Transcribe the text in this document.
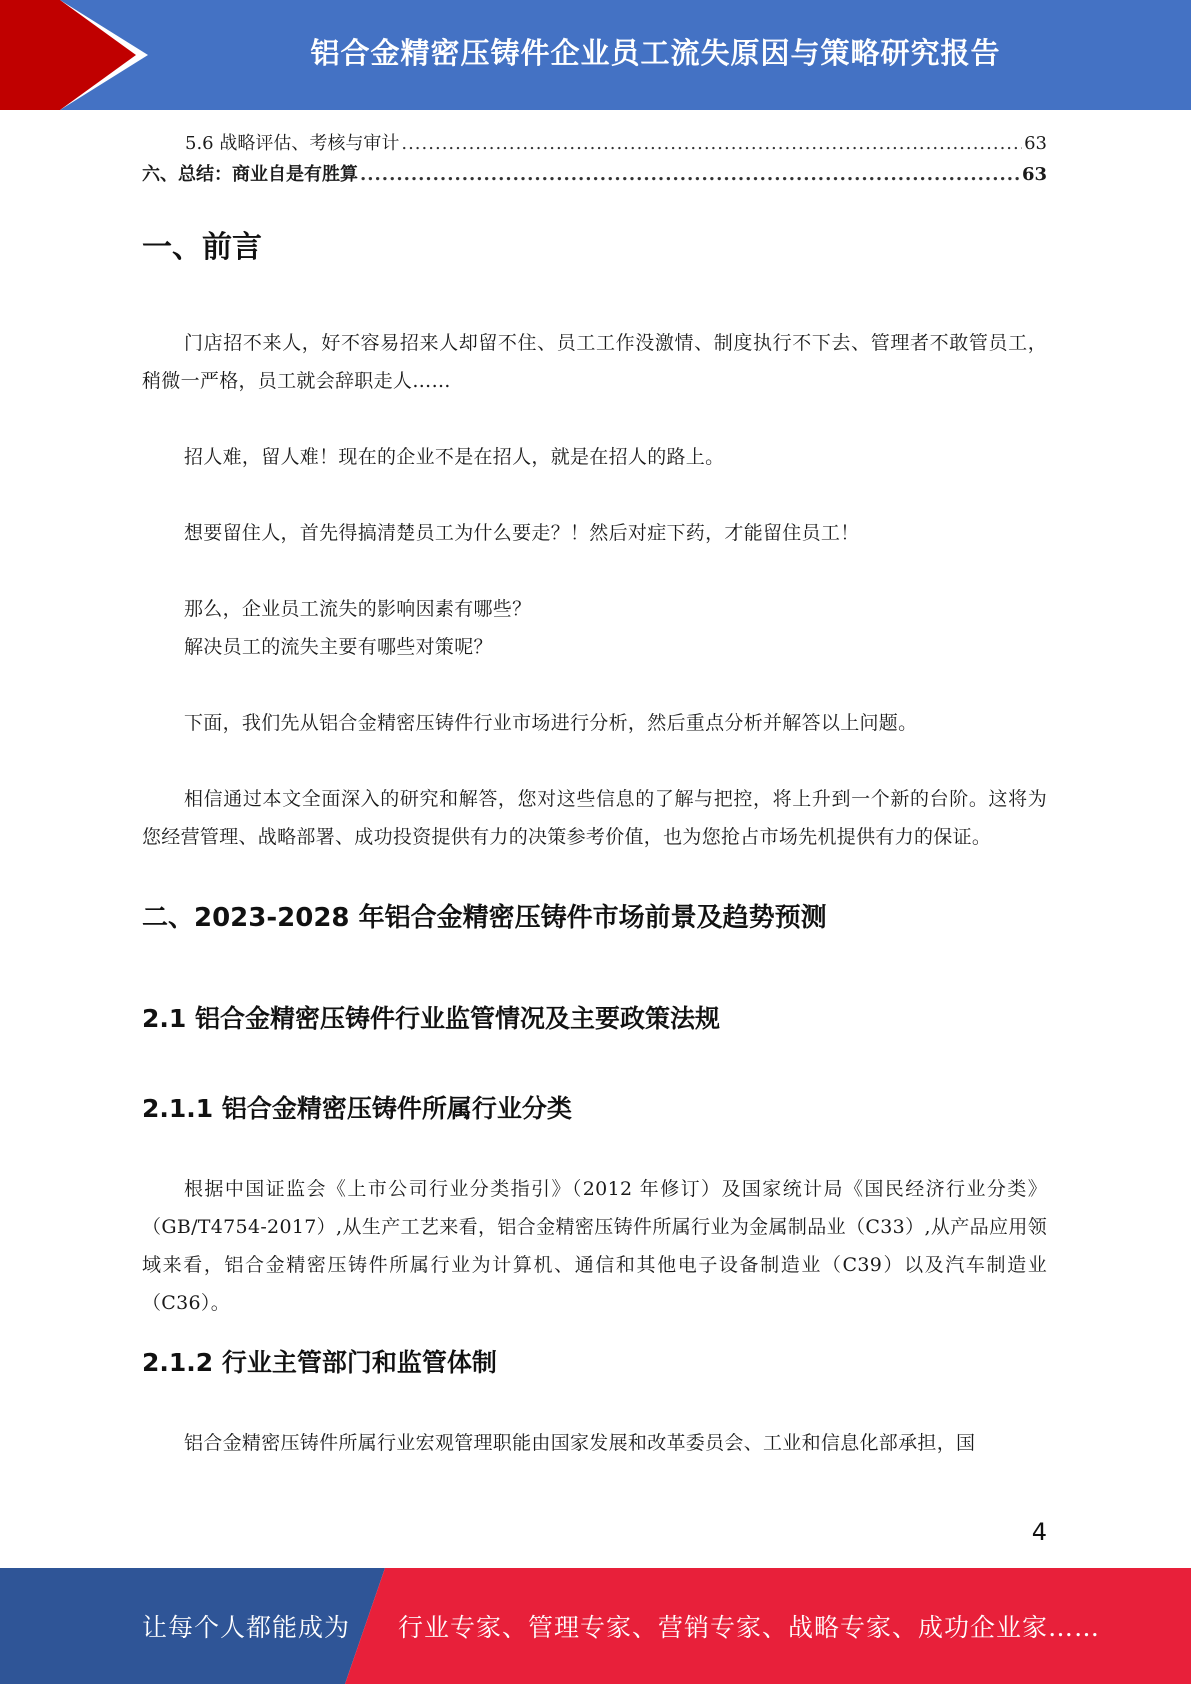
铝合金精密压铸件企业员工流失原因与策略研究报告
5.6 战略评估、考核与审计 .....	63
六、总结：商业自是有胜算 .....	63
一、前言

门店招不来人，好不容易招来人却留不住、员工工作没激情、制度执行不下去、管理者不敢管员工，稍微一严格，员工就会辞职走人……

招人难，留人难！现在的企业不是在招人，就是在招人的路上。

想要留住人，首先得搞清楚员工为什么要走？！然后对症下药，才能留住员工！

那么，企业员工流失的影响因素有哪些？

解决员工的流失主要有哪些对策呢？

下面，我们先从铝合金精密压铸件行业市场进行分析，然后重点分析并解答以上问题。

相信通过本文全面深入的研究和解答，您对这些信息的了解与把控，将上升到一个新的台阶。这将为您经营管理、战略部署、成功投资提供有力的决策参考价值，也为您抢占市场先机提供有力的保证。

二、2023-2028 年铝合金精密压铸件市场前景及趋势预测
2.1 铝合金精密压铸件行业监管情况及主要政策法规
2.1.1 铝合金精密压铸件所属行业分类

根据中国证监会《上市公司行业分类指引》（2012 年修订）及国家统计局《国民经济行业分类》（GB/T4754-2017）,从生产工艺来看，铝合金精密压铸件所属行业为金属制品业（C33）,从产品应用领域来看，铝合金精密压铸件所属行业为计算机、通信和其他电子设备制造业（C39）以及汽车制造业（C36）。

2.1.2 行业主管部门和监管体制

铝合金精密压铸件所属行业宏观管理职能由国家发展和改革委员会、工业和信息化部承担，国

4
让每个人都能成为 行业专家、管理专家、营销专家、战略专家、成功企业家……
